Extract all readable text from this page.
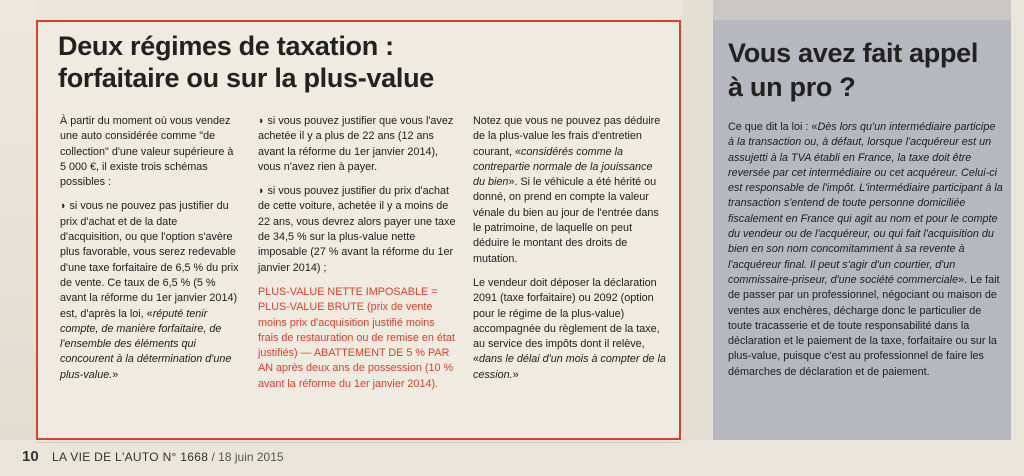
Deux régimes de taxation :
forfaitaire ou sur la plus-value

À partir du moment où vous vendez une auto considérée comme "de collection" d'une valeur supérieure à 5 000 €, il existe trois schémas possibles :

◗ si vous ne pouvez pas justifier du prix d'achat et de la date d'acquisition, ou que l'option s'avère plus favorable, vous serez redevable d'une taxe forfaitaire de 6,5 % du prix de vente. Ce taux de 6,5 % (5 % avant la réforme du 1er janvier 2014) est, d'après la loi, «réputé tenir compte, de manière forfaitaire, de l'ensemble des éléments qui concourent à la détermination d'une plus-value.»

◗ si vous pouvez justifier que vous l'avez achetée il y a plus de 22 ans (12 ans avant la réforme du 1er janvier 2014), vous n'avez rien à payer.

◗ si vous pouvez justifier du prix d'achat de cette voiture, achetée il y a moins de 22 ans, vous devrez alors payer une taxe de 34,5 % sur la plus-value nette imposable (27 % avant la réforme du 1er janvier 2014) ;

PLUS-VALUE NETTE IMPOSABLE = PLUS-VALUE BRUTE (prix de vente moins prix d'acquisition justifié moins frais de restauration ou de remise en état justifiés) — ABATTEMENT DE 5 % PAR AN après deux ans de possession (10 % avant la réforme du 1er janvier 2014).

Notez que vous ne pouvez pas déduire de la plus-value les frais d'entretien courant, «considérés comme la contrepartie normale de la jouissance du bien». Si le véhicule a été hérité ou donné, on prend en compte la valeur vénale du bien au jour de l'entrée dans le patrimoine, de laquelle on peut déduire le montant des droits de mutation.

Le vendeur doit déposer la déclaration 2091 (taxe forfaitaire) ou 2092 (option pour le régime de la plus-value) accompagnée du règlement de la taxe, au service des impôts dont il relève, «dans le délai d'un mois à compter de la cession.»

Vous avez fait appel
à un pro ?

Ce que dit la loi : «Dès lors qu'un intermédiaire participe à la transaction ou, à défaut, lorsque l'acquéreur est un assujetti à la TVA établi en France, la taxe doit être reversée par cet intermédiaire ou cet acquéreur. Celui-ci est responsable de l'impôt. L'intermédiaire participant à la transaction s'entend de toute personne domiciliée fiscalement en France qui agit au nom et pour le compte du vendeur ou de l'acquéreur, ou qui fait l'acquisition du bien en son nom concomitamment à sa revente à l'acquéreur final. Il peut s'agir d'un courtier, d'un commissaire-priseur, d'une société commerciale». Le fait de passer par un professionnel, négociant ou maison de ventes aux enchères, décharge donc le particulier de toute tracasserie et de toute responsabilité dans la déclaration et le paiement de la taxe, forfaitaire ou sur la plus-value, puisque c'est au professionnel de faire les démarches de déclaration et de paiement.

10 LA VIE DE L'AUTO N° 1668 / 18 juin 2015
